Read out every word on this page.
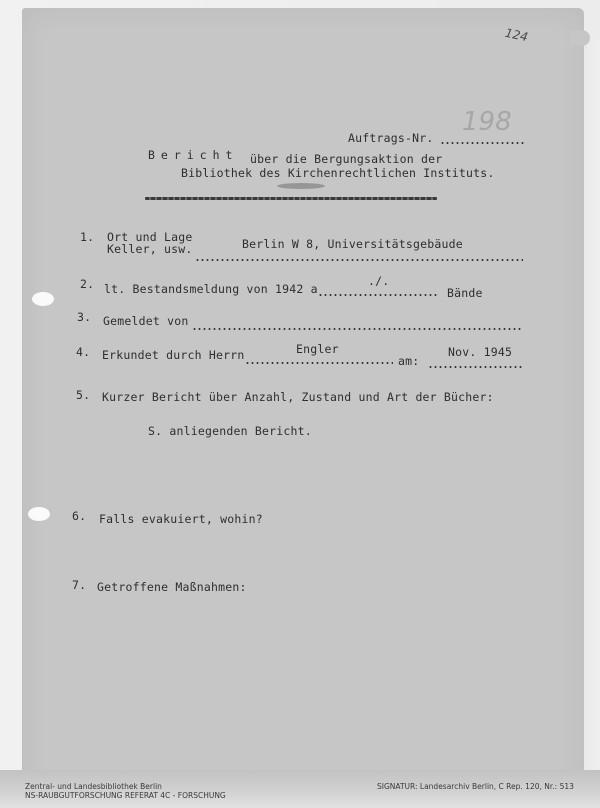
124
198
Auftrags-Nr.
Bericht über die Bergungsaktion der
Bibliothek des Kirchenrechtlichen Instituts.
1. Ort und Lage
Keller, usw.	Berlin W 8, Universitätsgebäude
2. lt. Bestandsmeldung von 1942 a
./.
Bände
3. Gemeldet von
4. Erkundet durch Herrn	Engler
am:
Nov. 1945
5. Kurzer Bericht über Anzahl, Zustand und Art der Bücher:
S. anliegenden Bericht.
6. Falls evakuiert, wohin?
7. Getroffene Maßnahmen:
Zentral- und Landesbibliothek Berlin
NS-RAUBGUTFORSCHUNG REFERAT 4C - FORSCHUNG
SIGNATUR: Landesarchiv Berlin, C Rep. 120, Nr.: 513
